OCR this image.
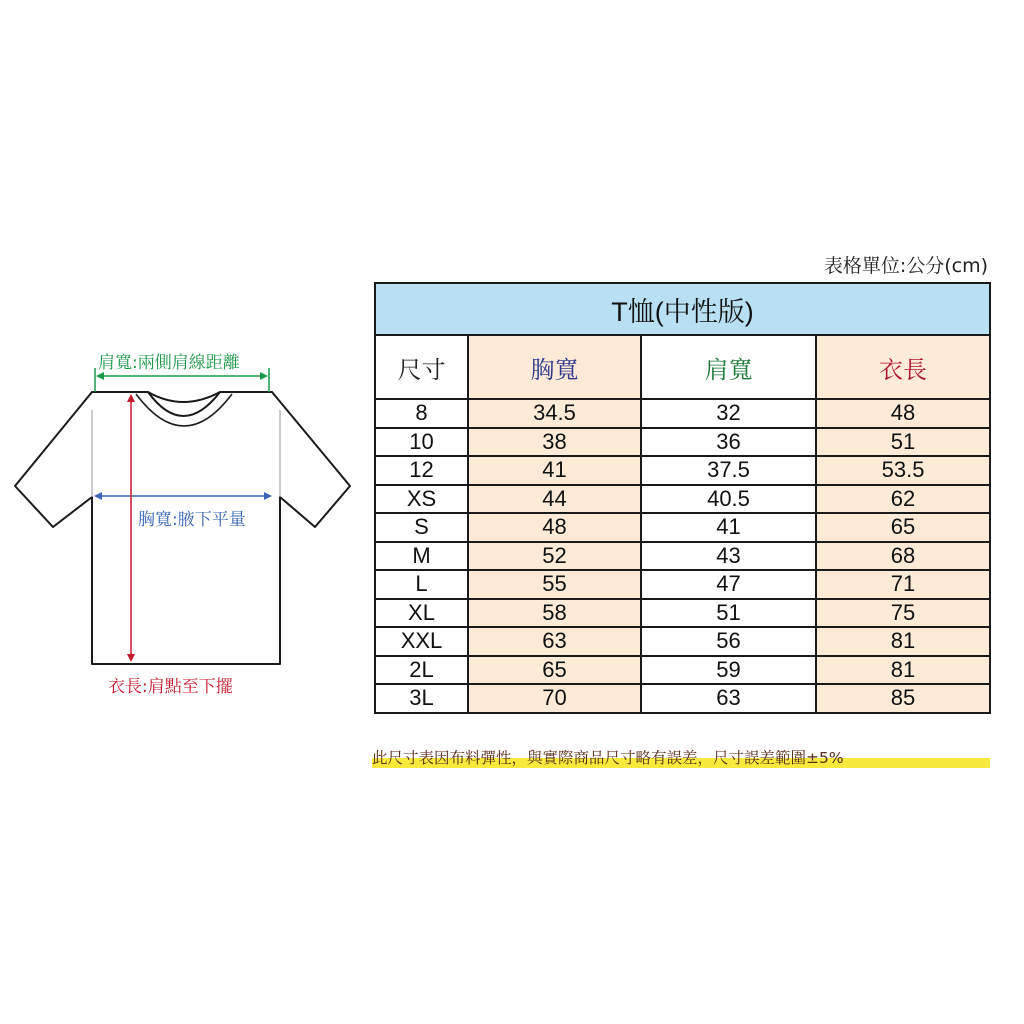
肩寬:兩側肩線距離
胸寬:腋下平量
衣長:肩點至下擺
表格單位:公分(cm)
T恤(中性版)			
尺寸	胸寬	肩寬	衣長
8	34.5	32	48
10	38	36	51
12	41	37.5	53.5
XS	44	40.5	62
S	48	41	65
M	52	43	68
L	55	47	71
XL	58	51	75
XXL	63	56	81
2L	65	59	81
3L	70	63	85
此尺寸表因布料彈性，與實際商品尺寸略有誤差，尺寸誤差範圍±5%
